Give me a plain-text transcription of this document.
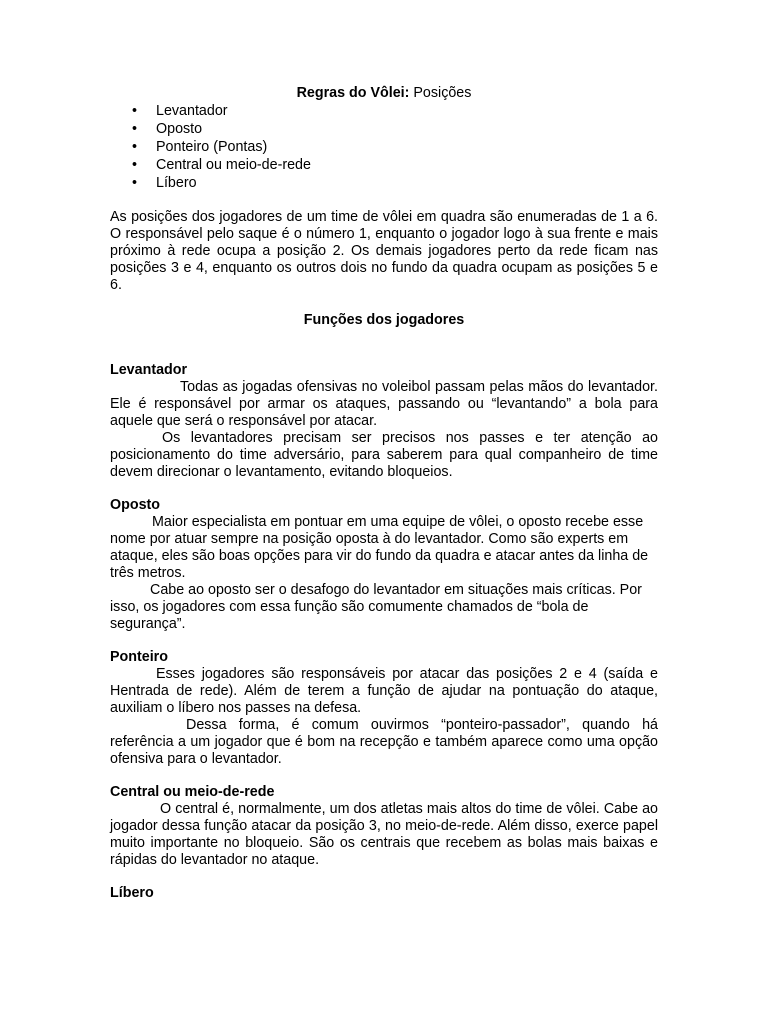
Regras do Vôlei: Posições

• Levantador
• Oposto
• Ponteiro (Pontas)
• Central ou meio-de-rede
• Líbero

As posições dos jogadores de um time de vôlei em quadra são enumeradas de 1 a 6. O responsável pelo saque é o número 1, enquanto o jogador logo à sua frente e mais próximo à rede ocupa a posição 2. Os demais jogadores perto da rede ficam nas posições 3 e 4, enquanto os outros dois no fundo da quadra ocupam as posições 5 e 6.

Funções dos jogadores

Levantador

Todas as jogadas ofensivas no voleibol passam pelas mãos do levantador. Ele é responsável por armar os ataques, passando ou “levantando” a bola para aquele que será o responsável por atacar.

Os levantadores precisam ser precisos nos passes e ter atenção ao posicionamento do time adversário, para saberem para qual companheiro de time devem direcionar o levantamento, evitando bloqueios.

Oposto

Maior especialista em pontuar em uma equipe de vôlei, o oposto recebe esse nome por atuar sempre na posição oposta à do levantador. Como são experts em ataque, eles são boas opções para vir do fundo da quadra e atacar antes da linha de três metros.

Cabe ao oposto ser o desafogo do levantador em situações mais críticas. Por isso, os jogadores com essa função são comumente chamados de “bola de segurança”.

Ponteiro

Esses jogadores são responsáveis por atacar das posições 2 e 4 (saída e Hentrada de rede). Além de terem a função de ajudar na pontuação do ataque, auxiliam o líbero nos passes na defesa.

Dessa forma, é comum ouvirmos “ponteiro-passador”, quando há referência a um jogador que é bom na recepção e também aparece como uma opção ofensiva para o levantador.

Central ou meio-de-rede

O central é, normalmente, um dos atletas mais altos do time de vôlei. Cabe ao jogador dessa função atacar da posição 3, no meio-de-rede. Além disso, exerce papel muito importante no bloqueio. São os centrais que recebem as bolas mais baixas e rápidas do levantador no ataque.

Líbero
